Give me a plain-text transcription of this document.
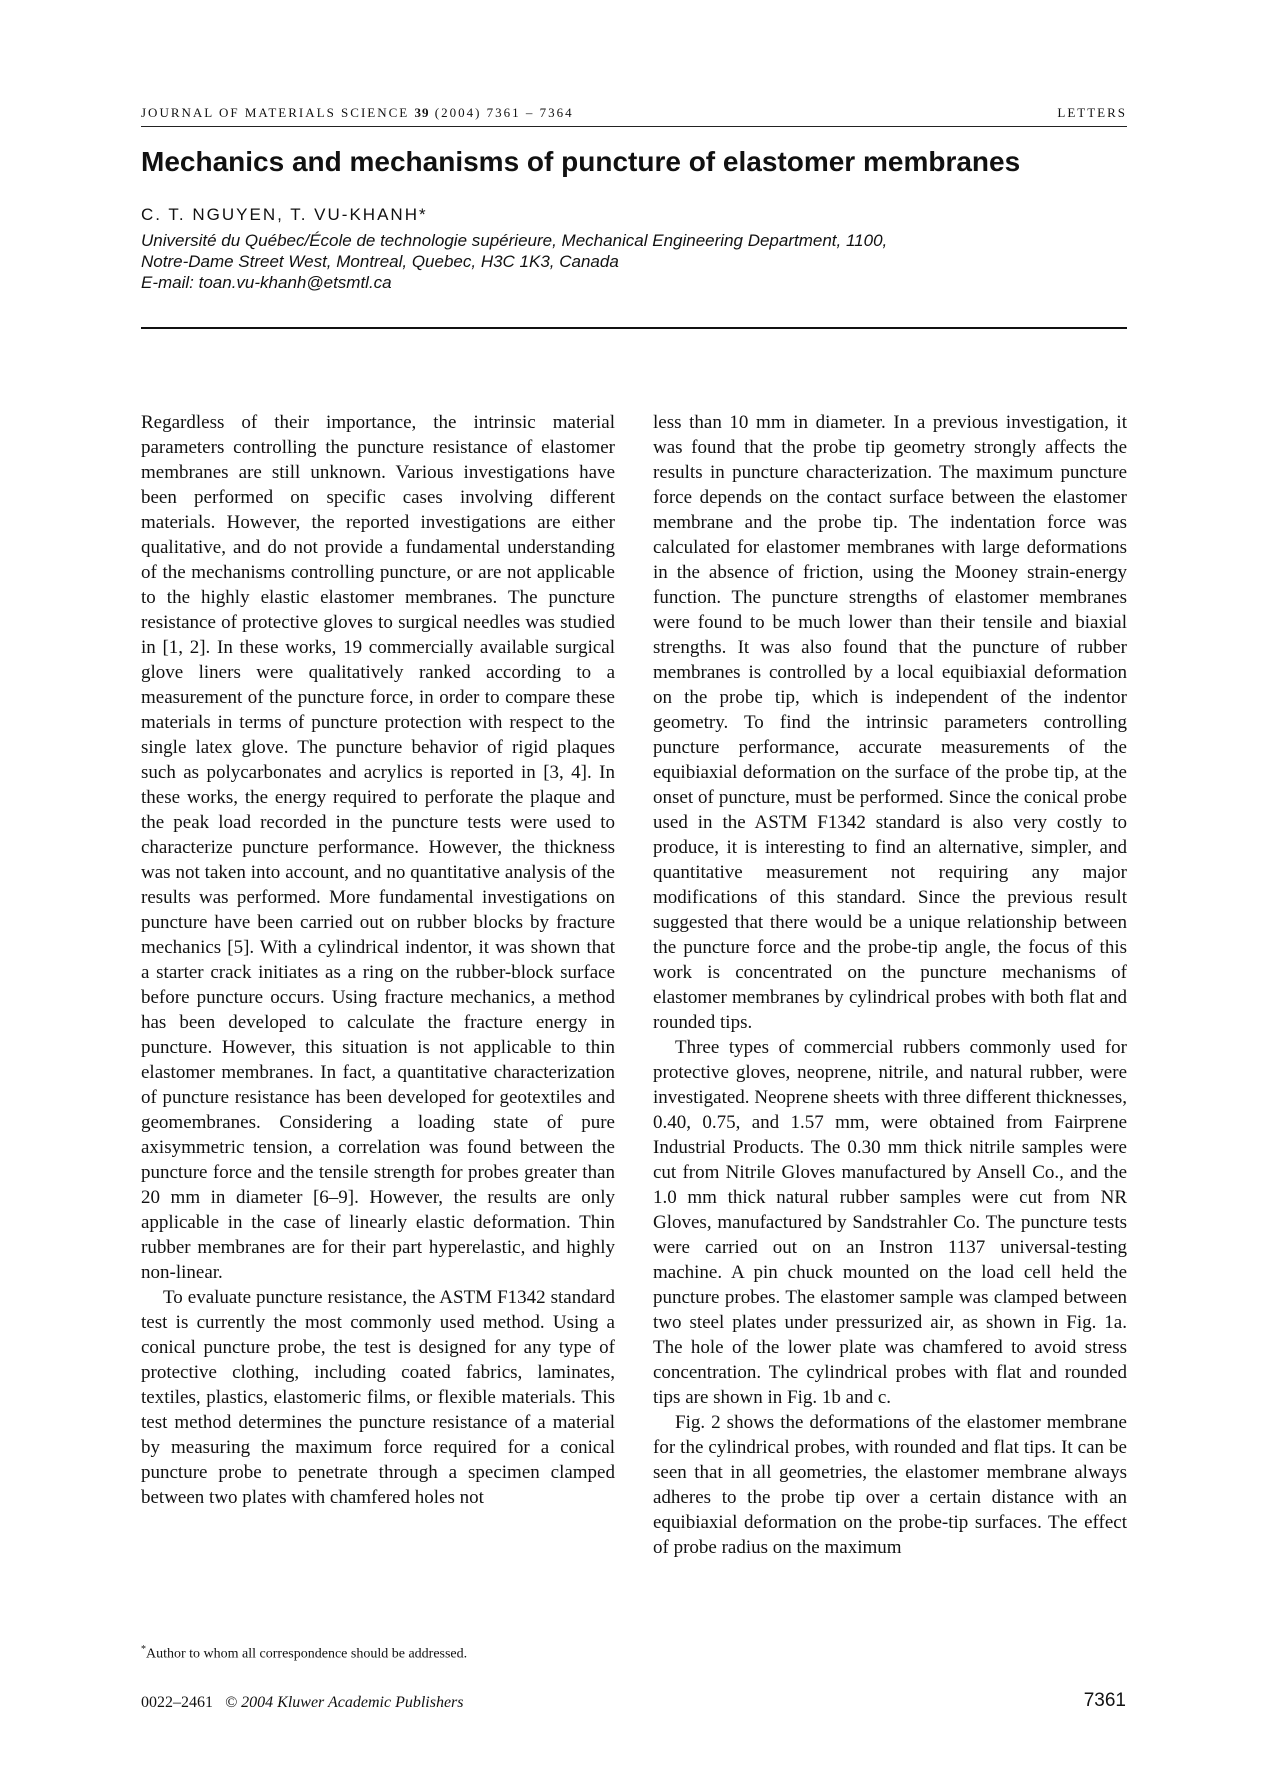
JOURNAL OF MATERIALS SCIENCE 39 (2004) 7361 – 7364	LETTERS
Mechanics and mechanisms of puncture of elastomer membranes
C. T. NGUYEN, T. VU-KHANH*
Université du Québec/École de technologie supérieure, Mechanical Engineering Department, 1100,
Notre-Dame Street West, Montreal, Quebec, H3C 1K3, Canada
E-mail: toan.vu-khanh@etsmtl.ca

Regardless of their importance, the intrinsic material parameters controlling the puncture resistance of elastomer membranes are still unknown. Various investigations have been performed on specific cases involving different materials. However, the reported investigations are either qualitative, and do not provide a fundamental understanding of the mechanisms controlling puncture, or are not applicable to the highly elastic elastomer membranes. The puncture resistance of protective gloves to surgical needles was studied in [1, 2]. In these works, 19 commercially available surgical glove liners were qualitatively ranked according to a measurement of the puncture force, in order to compare these materials in terms of puncture protection with respect to the single latex glove. The puncture behavior of rigid plaques such as polycarbonates and acrylics is reported in [3, 4]. In these works, the energy required to perforate the plaque and the peak load recorded in the puncture tests were used to characterize puncture performance. However, the thickness was not taken into account, and no quantitative analysis of the results was performed. More fundamental investigations on puncture have been carried out on rubber blocks by fracture mechanics [5]. With a cylindrical indentor, it was shown that a starter crack initiates as a ring on the rubber-block surface before puncture occurs. Using fracture mechanics, a method has been developed to calculate the fracture energy in puncture. However, this situation is not applicable to thin elastomer membranes. In fact, a quantitative characterization of puncture resistance has been developed for geotextiles and geomembranes. Considering a loading state of pure axisymmetric tension, a correlation was found between the puncture force and the tensile strength for probes greater than 20 mm in diameter [6–9]. However, the results are only applicable in the case of linearly elastic deformation. Thin rubber membranes are for their part hyperelastic, and highly non-linear.

To evaluate puncture resistance, the ASTM F1342 standard test is currently the most commonly used method. Using a conical puncture probe, the test is designed for any type of protective clothing, including coated fabrics, laminates, textiles, plastics, elastomeric films, or flexible materials. This test method determines the puncture resistance of a material by measuring the maximum force required for a conical puncture probe to penetrate through a specimen clamped between two plates with chamfered holes not

less than 10 mm in diameter. In a previous investigation, it was found that the probe tip geometry strongly affects the results in puncture characterization. The maximum puncture force depends on the contact surface between the elastomer membrane and the probe tip. The indentation force was calculated for elastomer membranes with large deformations in the absence of friction, using the Mooney strain-energy function. The puncture strengths of elastomer membranes were found to be much lower than their tensile and biaxial strengths. It was also found that the puncture of rubber membranes is controlled by a local equibiaxial deformation on the probe tip, which is independent of the indentor geometry. To find the intrinsic parameters controlling puncture performance, accurate measurements of the equibiaxial deformation on the surface of the probe tip, at the onset of puncture, must be performed. Since the conical probe used in the ASTM F1342 standard is also very costly to produce, it is interesting to find an alternative, simpler, and quantitative measurement not requiring any major modifications of this standard. Since the previous result suggested that there would be a unique relationship between the puncture force and the probe-tip angle, the focus of this work is concentrated on the puncture mechanisms of elastomer membranes by cylindrical probes with both flat and rounded tips.

Three types of commercial rubbers commonly used for protective gloves, neoprene, nitrile, and natural rubber, were investigated. Neoprene sheets with three different thicknesses, 0.40, 0.75, and 1.57 mm, were obtained from Fairprene Industrial Products. The 0.30 mm thick nitrile samples were cut from Nitrile Gloves manufactured by Ansell Co., and the 1.0 mm thick natural rubber samples were cut from NR Gloves, manufactured by Sandstrahler Co. The puncture tests were carried out on an Instron 1137 universal-testing machine. A pin chuck mounted on the load cell held the puncture probes. The elastomer sample was clamped between two steel plates under pressurized air, as shown in Fig. 1a. The hole of the lower plate was chamfered to avoid stress concentration. The cylindrical probes with flat and rounded tips are shown in Fig. 1b and c.

Fig. 2 shows the deformations of the elastomer membrane for the cylindrical probes, with rounded and flat tips. It can be seen that in all geometries, the elastomer membrane always adheres to the probe tip over a certain distance with an equibiaxial deformation on the probe-tip surfaces. The effect of probe radius on the maximum

*Author to whom all correspondence should be addressed.
0022–2461 © 2004 Kluwer Academic Publishers	7361
